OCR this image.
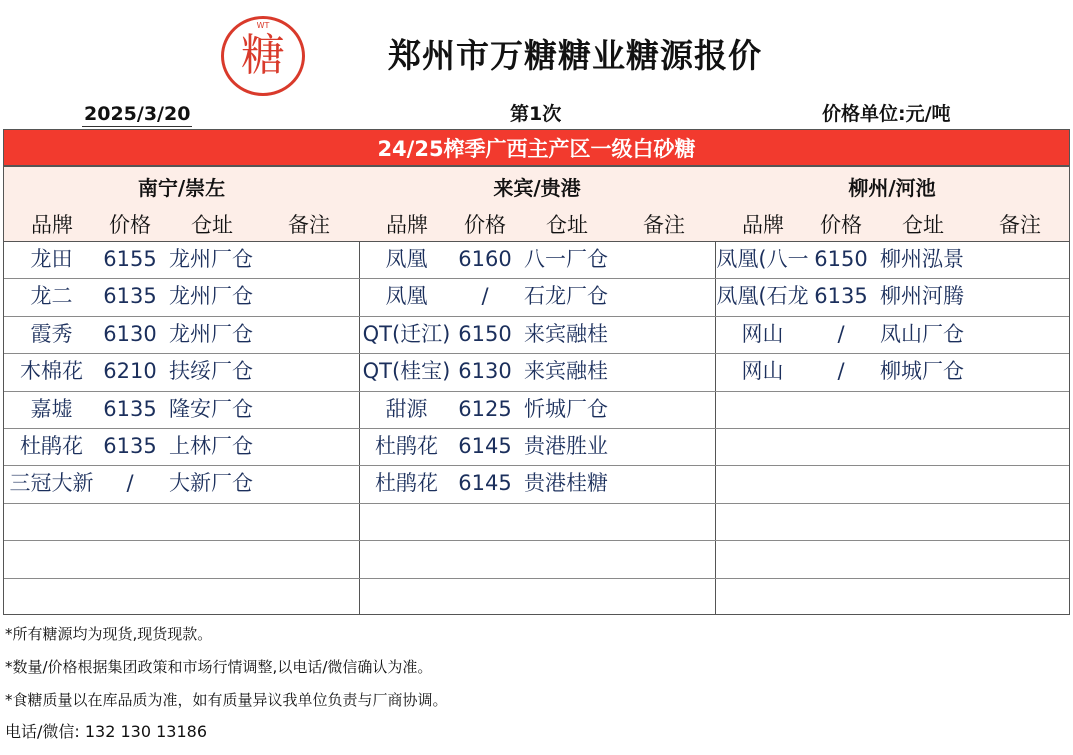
WT
糖	郑州市万糖糖业糖源报价
2025/3/20	第1次	价格单位:元/吨
24/25榨季广西主产区一级白砂糖
南宁/崇左
品牌	价格	仓址	备注
龙田	6155 龙州厂仓
龙二	6135 龙州厂仓
霞秀	6130 龙州厂仓
木棉花 6210 扶绥厂仓
嘉墟	6135 隆安厂仓
杜鹃花 6135 上林厂仓
三冠大新	/	大新厂仓
来宾/贵港
品牌	价格	仓址	备注
凤凰	6160 八一厂仓
凤凰	/	石龙厂仓
QT(迁江) 6150 来宾融桂
QT(桂宝) 6130 来宾融桂
甜源	6125 忻城厂仓
杜鹃花 6145 贵港胜业
杜鹃花 6145 贵港桂糖
柳州/河池
品牌	价格	仓址	备注
凤凰(八一 6150 柳州泓景
凤凰(石龙 6135 柳州河腾
网山	/	凤山厂仓
网山	/	柳城厂仓
*所有糖源均为现货,现货现款。
*数量/价格根据集团政策和市场行情调整,以电话/微信确认为准。
*食糖质量以在库品质为准，如有质量异议我单位负责与厂商协调。
电话/微信: 132 130 13186
